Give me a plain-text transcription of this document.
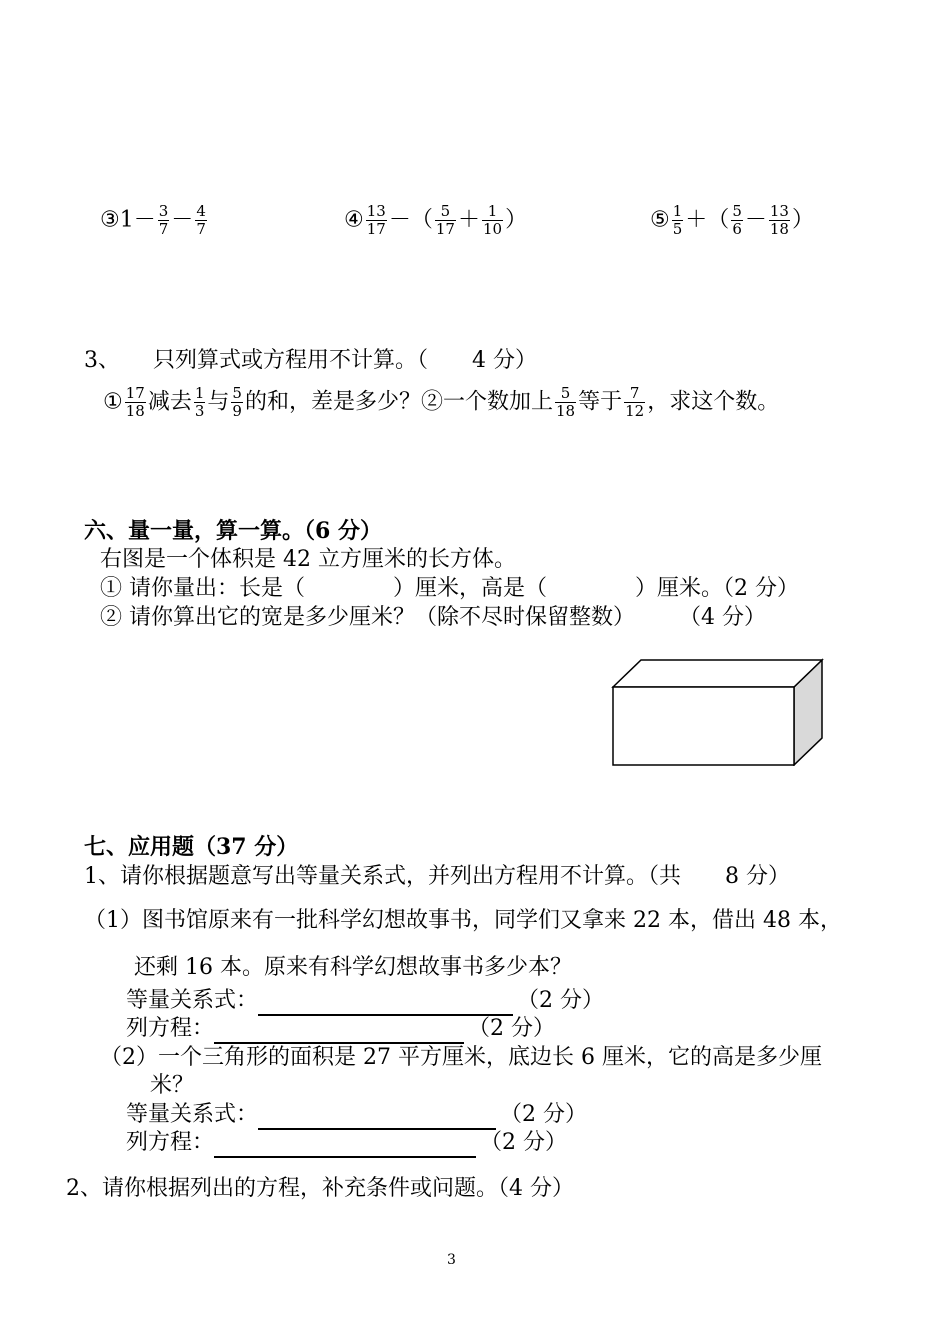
③1－ $\frac{3}{7} - \frac{4}{7}$	④ $\frac{13}{17}$ －（ $\frac{5}{17} + \frac{1}{10}$ ）	⑤ $\frac{1}{5}$ ＋（ $\frac{5}{6} - \frac{13}{18}$ ）
3、　　只列算式或方程用不计算。（　　4 分）
① $\frac{17}{18}$ 减去 $\frac{1}{3}$ 与 $\frac{5}{9}$ 的和，差是多少？②一个数加上 $\frac{5}{18}$ 等于 $\frac{7}{12}$ ，求这个数。
六、量一量，算一算。（6 分）
右图是一个体积是 42 立方厘米的长方体。
① 请你量出：长是（　　　　）厘米，高是（　　　　）厘米。（2 分）
② 请你算出它的宽是多少厘米？（除不尽时保留整数）　　　（4 分）
七、应用题（37 分）
1、请你根据题意写出等量关系式，并列出方程用不计算。（共　　8 分）
（1）图书馆原来有一批科学幻想故事书，同学们又拿来 22 本，借出 48 本，
还剩 16 本。原来有科学幻想故事书多少本？
等量关系式：	（2 分）
列方程：	（2 分）
（2）一个三角形的面积是 27 平方厘米，底边长 6 厘米，它的高是多少厘
米？
等量关系式：	（2 分）
列方程：	（2 分）
2、请你根据列出的方程，补充条件或问题。（4 分）
3
